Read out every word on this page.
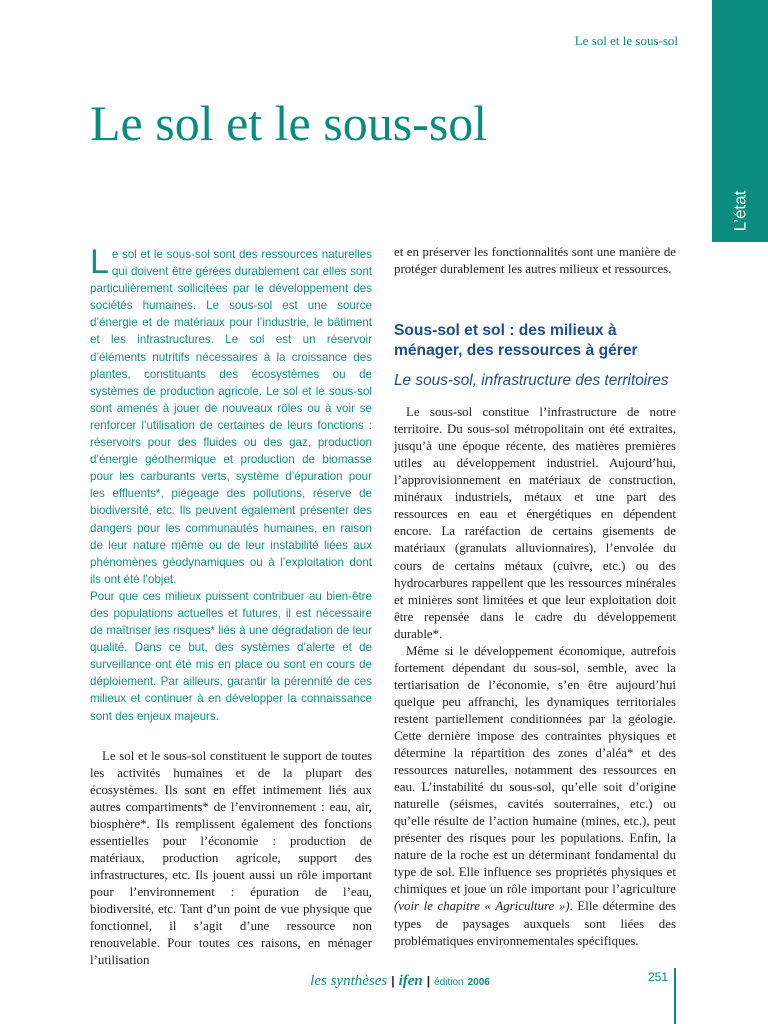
Le sol et le sous-sol
L’état
Le sol et le sous-sol

Le sol et le sous-sol sont des ressources naturelles qui doivent être gérées durablement car elles sont particulièrement sollicitées par le développement des sociétés humaines. Le sous-sol est une source d’énergie et de matériaux pour l’industrie, le bâtiment et les infrastructures. Le sol est un réservoir d’éléments nutritifs nécessaires à la croissance des plantes, constituants des écosystèmes ou de systèmes de production agricole. Le sol et le sous-sol sont amenés à jouer de nouveaux rôles ou à voir se renforcer l’utilisation de certaines de leurs fonctions : réservoirs pour des fluides ou des gaz, production d’énergie géothermique et production de biomasse pour les carburants verts, système d’épuration pour les effluents*, piégeage des pollutions, réserve de biodiversité, etc. Ils peuvent également présenter des dangers pour les communautés humaines, en raison de leur nature même ou de leur instabilité liées aux phénomènes géodynamiques ou à l’exploitation dont ils ont été l’objet.

Pour que ces milieux puissent contribuer au bien-être des populations actuelles et futures, il est nécessaire de maîtriser les risques* liés à une dégradation de leur qualité. Dans ce but, des systèmes d’alerte et de surveillance ont été mis en place ou sont en cours de déploiement. Par ailleurs, garantir la pérennité de ces milieux et continuer à en développer la connaissance sont des enjeux majeurs.

Le sol et le sous-sol constituent le support de toutes les activités humaines et de la plupart des écosystèmes. Ils sont en effet intimement liés aux autres compartiments* de l’environnement : eau, air, biosphère*. Ils remplissent également des fonctions essentielles pour l’économie : production de matériaux, production agricole, support des infrastructures, etc. Ils jouent aussi un rôle important pour l’environnement : épuration de l’eau, biodiversité, etc. Tant d’un point de vue physique que fonctionnel, il s’agit d’une ressource non renouvelable. Pour toutes ces raisons, en ménager l’utilisation

et en préserver les fonctionnalités sont une manière de protéger durablement les autres milieux et ressources.

Sous-sol et sol : des milieux à ménager, des ressources à gérer
Le sous-sol, infrastructure des territoires

Le sous-sol constitue l’infrastructure de notre territoire. Du sous-sol métropolitain ont été extraites, jusqu’à une époque récente, des matières premières utiles au développement industriel. Aujourd’hui, l’approvisionnement en matériaux de construction, minéraux industriels, métaux et une part des ressources en eau et énergétiques en dépendent encore. La raréfaction de certains gisements de matériaux (granulats alluvionnaires), l’envolée du cours de certains métaux (cuivre, etc.) ou des hydrocarbures rappellent que les ressources minérales et minières sont limitées et que leur exploitation doit être repensée dans le cadre du développement durable*.

Même si le développement économique, autrefois fortement dépendant du sous-sol, semble, avec la tertiarisation de l’économie, s’en être aujourd’hui quelque peu affranchi, les dynamiques territoriales restent partiellement conditionnées par la géologie. Cette dernière impose des contraintes physiques et détermine la répartition des zones d’aléa* et des ressources naturelles, notamment des ressources en eau. L’instabilité du sous-sol, qu’elle soit d’origine naturelle (séismes, cavités souterraines, etc.) ou qu’elle résulte de l’action humaine (mines, etc.), peut présenter des risques pour les populations. Enfin, la nature de la roche est un déterminant fondamental du type de sol. Elle influence ses propriétés physiques et chimiques et joue un rôle important pour l’agriculture (voir le chapitre « Agriculture »). Elle détermine des types de paysages auxquels sont liées des problématiques environnementales spécifiques.

les synthèses | ifen | édition 2006	251
